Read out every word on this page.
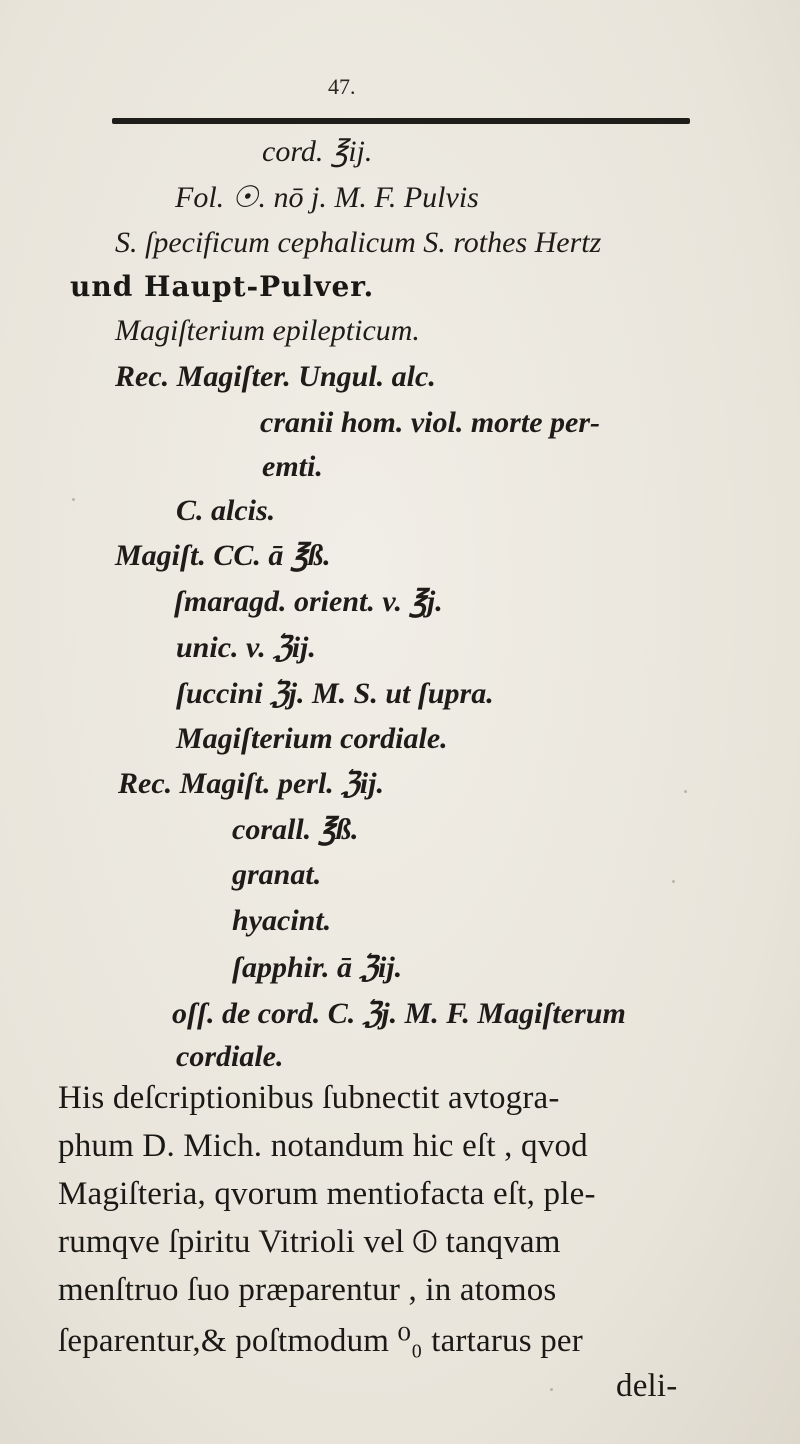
47.
cord. ℥ij.
Fol. ☉. nō j. M. F. Pulvis
S. ſpecificum cephalicum S. rothes Hertz
und Haupt-Pulver.
Magiſterium epilepticum.
Rec. Magiſter. Ungul. alc.
cranii hom. viol. morte per-
emti.
C. alcis.
Magiſt. CC. ā ℥ß.
ſmaragd. orient. v. ℥j.
unic. v. ℨij.
ſuccini ℨj. M. S. ut ſupra.
Magiſterium cordiale.
Rec. Magiſt. perl. ℨij.
corall. ℥ß.
granat.
hyacint.
ſapphir. ā ℨij.
oſſ. de cord. C. ℨj. M. F. Magiſterum
cordiale.
His deſcriptionibus ſubnectit avtogra-
phum D. Mich. notandum hic eſt , qvod
Magiſteria, qvorum mentiofacta eſt, ple-
rumqve ſpiritu Vitrioli vel ⦶ tanqvam
menſtruo ſuo præparentur , in atomos
ſeparentur,& poſtmodum ⁰₀ tartarus per
deli-
